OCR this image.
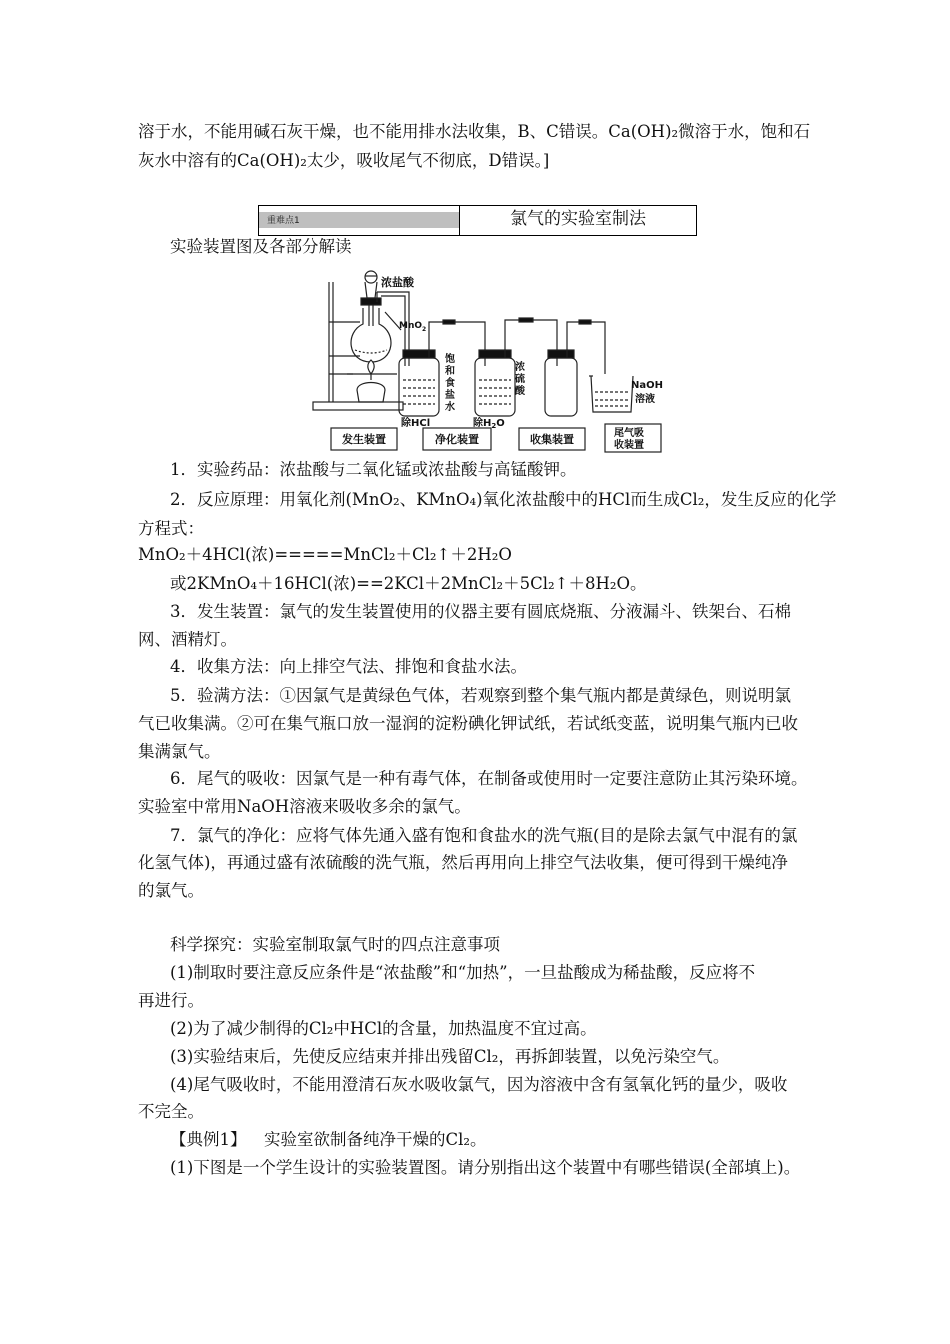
溶于水，不能用碱石灰干燥，也不能用排水法收集，B、C错误。Ca(OH)₂微溶于水，饱和石
灰水中溶有的Ca(OH)₂太少，吸收尾气不彻底，D错误。]
重难点1	氯气的实验室制法
实验装置图及各部分解读
浓盐酸
MnO$_2$
饱
和
食
盐
水
除HCl
浓
硫
酸
除$H_2O$
NaOH
溶液
发生装置	净化装置	收集装置	尾气吸
收装置
1．实验药品：浓盐酸与二氧化锰或浓盐酸与高锰酸钾。
2．反应原理：用氧化剂(MnO₂、KMnO₄)氧化浓盐酸中的HCl而生成Cl₂，发生反应的化学
方程式：
MnO₂＋4HCl(浓)=====MnCl₂＋Cl₂↑＋2H₂O
或2KMnO₄＋16HCl(浓)==2KCl＋2MnCl₂＋5Cl₂↑＋8H₂O。
3．发生装置：氯气的发生装置使用的仪器主要有圆底烧瓶、分液漏斗、铁架台、石棉
网、酒精灯。
4．收集方法：向上排空气法、排饱和食盐水法。
5．验满方法：①因氯气是黄绿色气体，若观察到整个集气瓶内都是黄绿色，则说明氯
气已收集满。②可在集气瓶口放一湿润的淀粉碘化钾试纸，若试纸变蓝，说明集气瓶内已收
集满氯气。
6．尾气的吸收：因氯气是一种有毒气体，在制备或使用时一定要注意防止其污染环境。
实验室中常用NaOH溶液来吸收多余的氯气。
7．氯气的净化：应将气体先通入盛有饱和食盐水的洗气瓶(目的是除去氯气中混有的氯
化氢气体)，再通过盛有浓硫酸的洗气瓶，然后再用向上排空气法收集，便可得到干燥纯净
的氯气。
科学探究：实验室制取氯气时的四点注意事项
(1)制取时要注意反应条件是“浓盐酸”和“加热”，一旦盐酸成为稀盐酸，反应将不
再进行。
(2)为了减少制得的Cl₂中HCl的含量，加热温度不宜过高。
(3)实验结束后，先使反应结束并排出残留Cl₂，再拆卸装置，以免污染空气。
(4)尾气吸收时，不能用澄清石灰水吸收氯气，因为溶液中含有氢氧化钙的量少，吸收
不完全。
【典例1】 实验室欲制备纯净干燥的Cl₂。
(1)下图是一个学生设计的实验装置图。请分别指出这个装置中有哪些错误(全部填上)。
